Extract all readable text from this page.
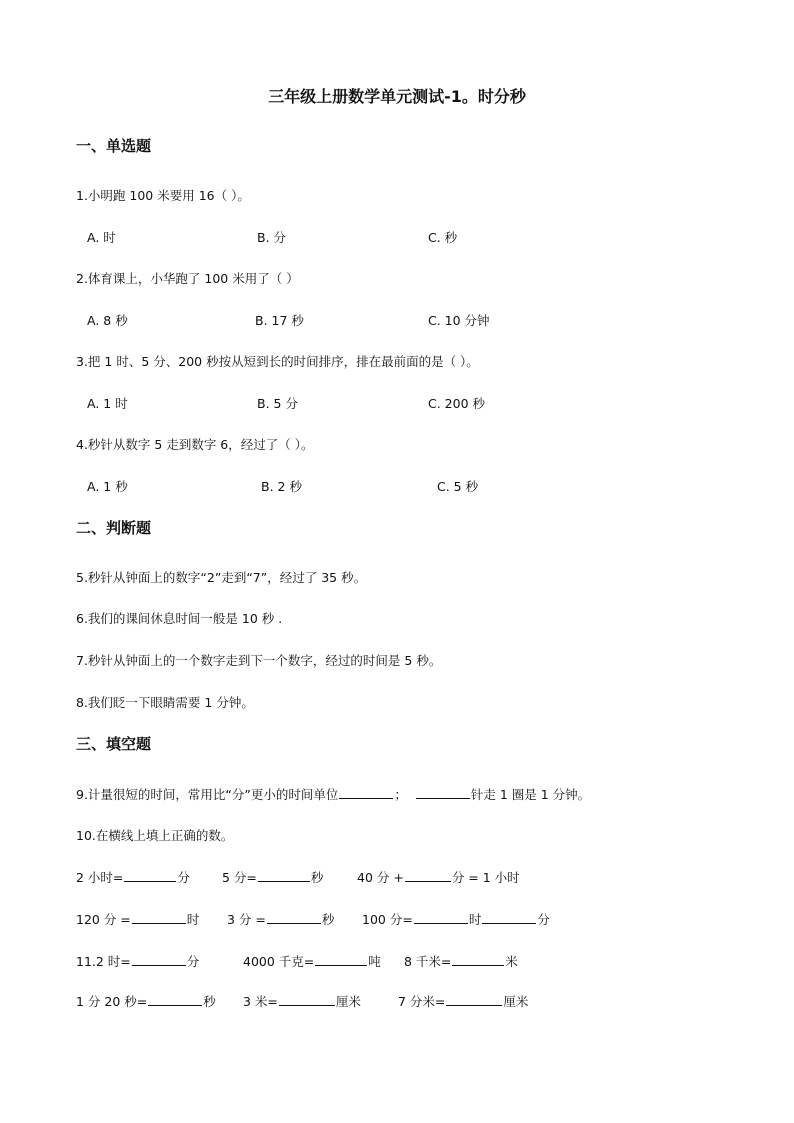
三年级上册数学单元测试-1。时分秒
一、单选题
1.小明跑 100 米要用 16（ ）。
A. 时	B. 分	C. 秒
2.体育课上，小华跑了 100 米用了（ ）
A. 8 秒	B. 17 秒	C. 10 分钟
3.把 1 时、5 分、200 秒按从短到长的时间排序，排在最前面的是（ ）。
A. 1 时	B. 5 分	C. 200 秒
4.秒针从数字 5 走到数字 6，经过了（ ）。
A. 1 秒	B. 2 秒	C. 5 秒
二、判断题
5.秒针从钟面上的数字“2”走到“7”，经过了 35 秒。
6.我们的课间休息时间一般是 10 秒 .
7.秒针从钟面上的一个数字走到下一个数字，经过的时间是 5 秒。
8.我们眨一下眼睛需要 1 分钟。
三、填空题
9.计量很短的时间，常用比“分”更小的时间单位	；	针走 1 圈是 1 分钟。
10.在横线上填上正确的数。
2 小时=	分	5 分=	秒	40 分 +	分 = 1 小时
120 分 =	时 3 分 =	秒 100 分=	时	分
11.2 时=	分	4000 千克=	吨 8 千米=	米
1 分 20 秒=	秒 3 米=	厘米	7 分米=	厘米
